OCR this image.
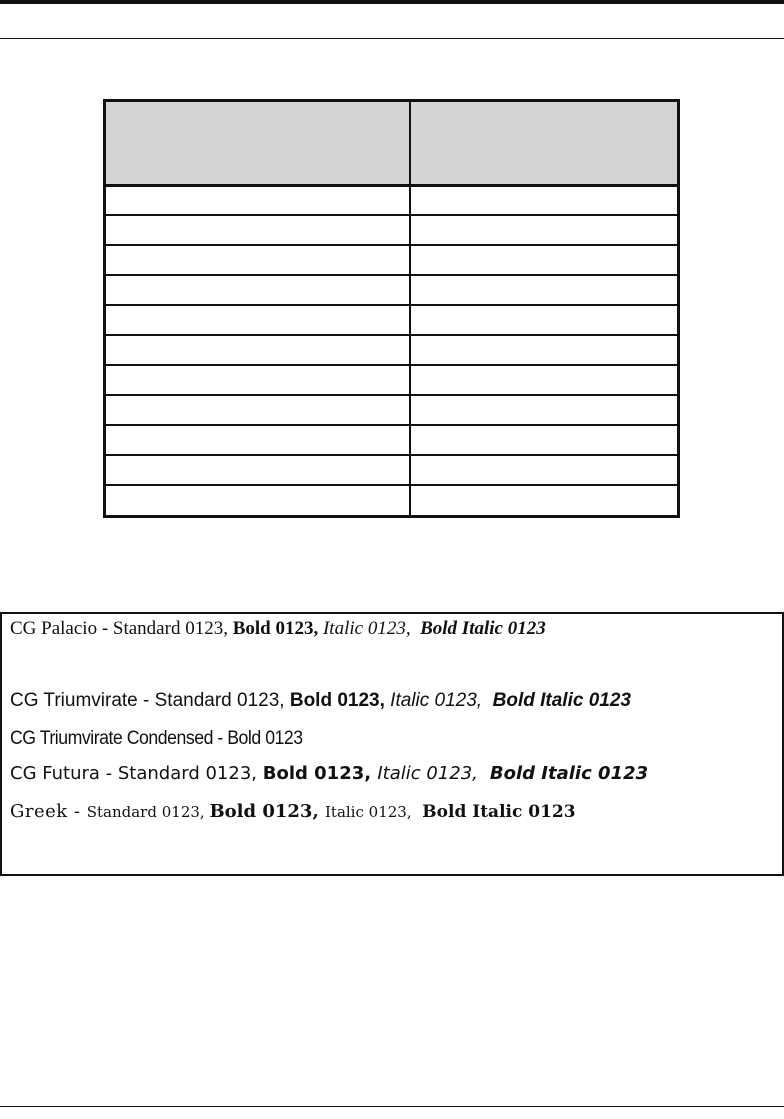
CG Palacio - Standard 0123, Bold 0123, Italic 0123,  Bold Italic 0123
CG Triumvirate - Standard 0123, Bold 0123, Italic 0123,  Bold Italic 0123
CG Triumvirate Condensed - Bold 0123
CG Futura - Standard 0123, Bold 0123, Italic 0123,  Bold Italic 0123
Greek - Standard 0123, Bold 0123, Italic 0123,  Bold Italic 0123
